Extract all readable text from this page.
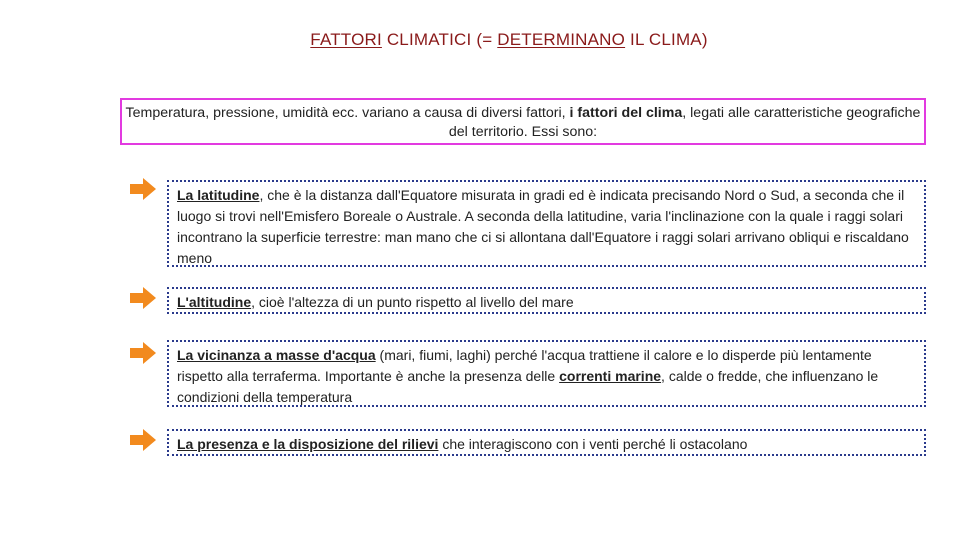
FATTORI CLIMATICI (= DETERMINANO IL CLIMA)
Temperatura, pressione, umidità ecc. variano a causa di diversi fattori, i fattori del clima, legati alle caratteristiche geografiche del territorio. Essi sono:
La latitudine, che è la distanza dall'Equatore misurata in gradi ed è indicata precisando Nord o Sud, a seconda che il luogo si trovi nell'Emisfero Boreale o Australe. A seconda della latitudine, varia l'inclinazione con la quale i raggi solari incontrano la superficie terrestre: man mano che ci si allontana dall'Equatore i raggi solari arrivano obliqui e riscaldano meno
L'altitudine, cioè l'altezza di un punto rispetto al livello del mare
La vicinanza a masse d'acqua (mari, fiumi, laghi) perché l'acqua trattiene il calore e lo disperde più lentamente rispetto alla terraferma. Importante è anche la presenza delle correnti marine, calde o fredde, che influenzano le condizioni della temperatura
La presenza e la disposizione del rilievi che interagiscono con i venti perché li ostacolano
